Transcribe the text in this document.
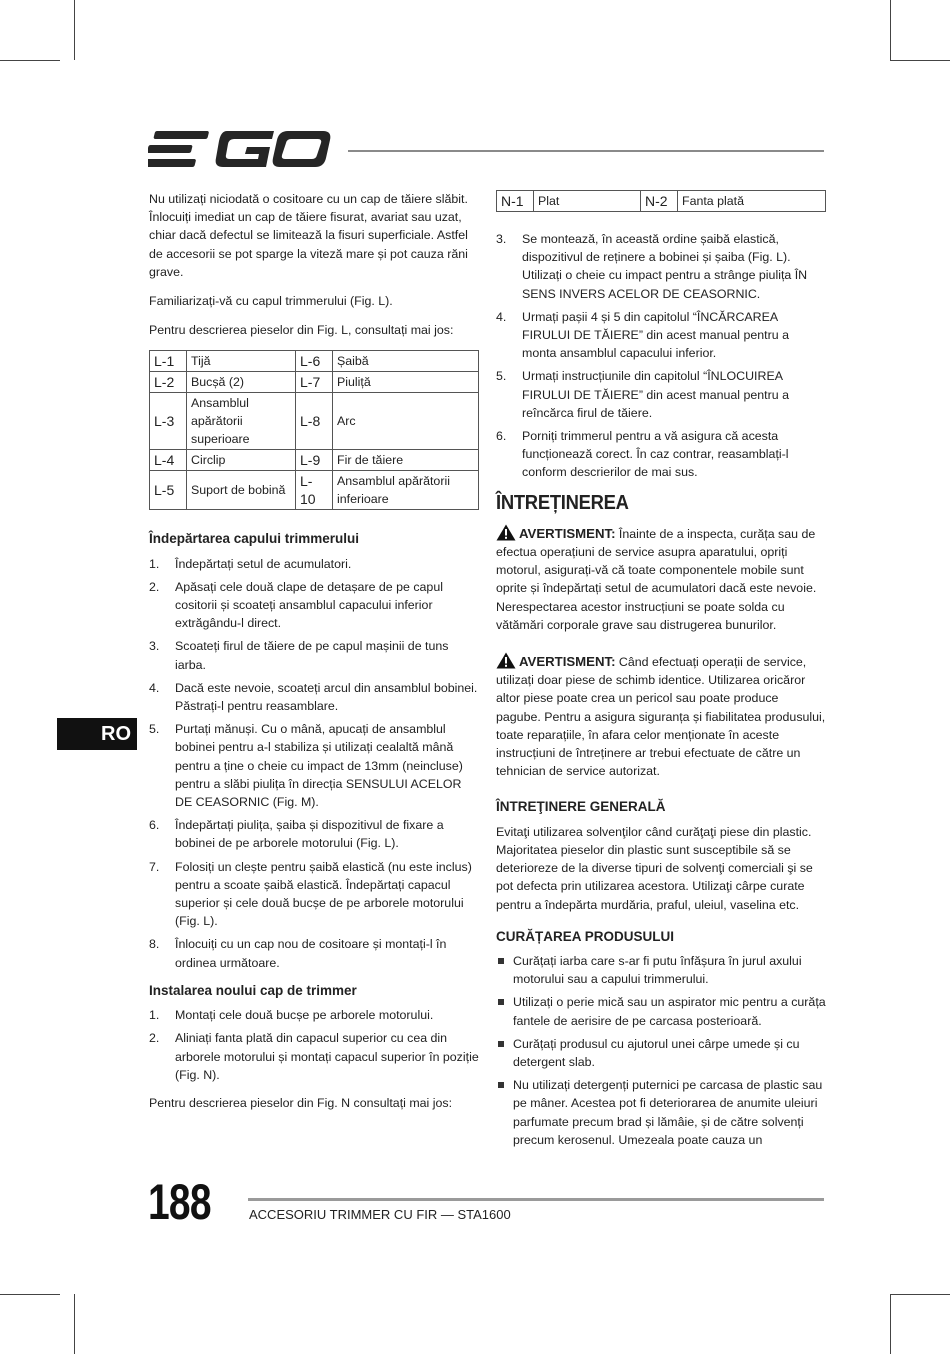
Nu utilizați niciodată o cositoare cu un cap de tăiere slăbit. Înlocuiți imediat un cap de tăiere fisurat, avariat sau uzat, chiar dacă defectul se limitează la fisuri superficiale. Astfel de accesorii se pot sparge la viteză mare și pot cauza răni grave.

Familiarizați-vă cu capul trimmerului (Fig. L).

Pentru descrierea pieselor din Fig. L, consultați mai jos:

L-1	Tijă	L-6	Șaibă
L-2	Bucșă (2)	L-7	Piuliță
L-3	Ansamblul apărătorii superioare	L-8	Arc
L-4	Circlip	L-9	Fir de tăiere
L-5	Suport de bobină	L-10	Ansamblul apărătorii inferioare
Îndepărtarea capului trimmerului
1. Îndepărtați setul de acumulatori.
2. Apăsați cele două clape de detașare de pe capul cositorii și scoateți ansamblul capacului inferior extrăgându-l direct.
3. Scoateți firul de tăiere de pe capul mașinii de tuns iarba.
4. Dacă este nevoie, scoateți arcul din ansamblul bobinei. Păstrați-l pentru reasamblare.
5. Purtați mănuși. Cu o mână, apucați de ansamblul bobinei pentru a-l stabiliza și utilizați cealaltă mână pentru a ține o cheie cu impact de 13mm (neincluse) pentru a slăbi piulița în direcția SENSULUI ACELOR DE CEASORNIC (Fig. M).
6. Îndepărtați piulița, șaiba și dispozitivul de fixare a bobinei de pe arborele motorului (Fig. L).
7. Folosiți un clește pentru șaibă elastică (nu este inclus) pentru a scoate șaibă elastică. Îndepărtați capacul superior și cele două bucșe de pe arborele motorului (Fig. L).
8. Înlocuiți cu un cap nou de cositoare și montați-l în ordinea următoare.
Instalarea noului cap de trimmer
1. Montați cele două bucșe pe arborele motorului.
2. Aliniați fanta plată din capacul superior cu cea din arborele motorului și montați capacul superior în poziție (Fig. N).

Pentru descrierea pieselor din Fig. N consultați mai jos:

N-1	Plat	N-2	Fanta plată
3. Se montează, în această ordine șaibă elastică, dispozitivul de reținere a bobinei și șaiba (Fig. L). Utilizați o cheie cu impact pentru a strânge piulița ÎN SENS INVERS ACELOR DE CEASORNIC.
4. Urmați pașii 4 și 5 din capitolul “ÎNCĂRCAREA FIRULUI DE TĂIERE” din acest manual pentru a monta ansamblul capacului inferior.
5. Urmați instrucțiunile din capitolul “ÎNLOCUIREA FIRULUI DE TĂIERE” din acest manual pentru a reîncărca firul de tăiere.
6. Porniți trimmerul pentru a vă asigura că acesta funcționează corect. În caz contrar, reasamblați-l conform descrierilor de mai sus.
ÎNTREȚINEREA

AVERTISMENT: Înainte de a inspecta, curăța sau de efectua operațiuni de service asupra aparatului, opriți motorul, asigurați-vă că toate componentele mobile sunt oprite și îndepărtați setul de acumulatori dacă este nevoie. Nerespectarea acestor instrucțiuni se poate solda cu vătămări corporale grave sau distrugerea bunurilor.

AVERTISMENT: Când efectuați operații de service, utilizați doar piese de schimb identice. Utilizarea oricăror altor piese poate crea un pericol sau poate produce pagube. Pentru a asigura siguranța și fiabilitatea produsului, toate reparațiile, în afara celor menționate în aceste instrucțiuni de întreținere ar trebui efectuate de către un tehnician de service autorizat.

ÎNTREŢINERE GENERALĂ

Evitaţi utilizarea solvenţilor când curăţaţi piese din plastic. Majoritatea pieselor din plastic sunt susceptibile să se deterioreze de la diverse tipuri de solvenţi comerciali şi se pot defecta prin utilizarea acestora. Utilizaţi cârpe curate pentru a îndepărta murdăria, praful, uleiul, vaselina etc.

CURĂȚAREA PRODUSULUI
Curățați iarba care s-ar fi putu înfășura în jurul axului motorului sau a capului trimmerului.
Utilizați o perie mică sau un aspirator mic pentru a curăța fantele de aerisire de pe carcasa posterioară.
Curățați produsul cu ajutorul unei cârpe umede și cu detergent slab.
Nu utilizați detergenți puternici pe carcasa de plastic sau pe mâner. Acestea pot fi deteriorarea de anumite uleiuri parfumate precum brad și lămâie, și de către solvenți precum kerosenul. Umezeala poate cauza un
RO
188	ACCESORIU TRIMMER CU FIR — STA1600
